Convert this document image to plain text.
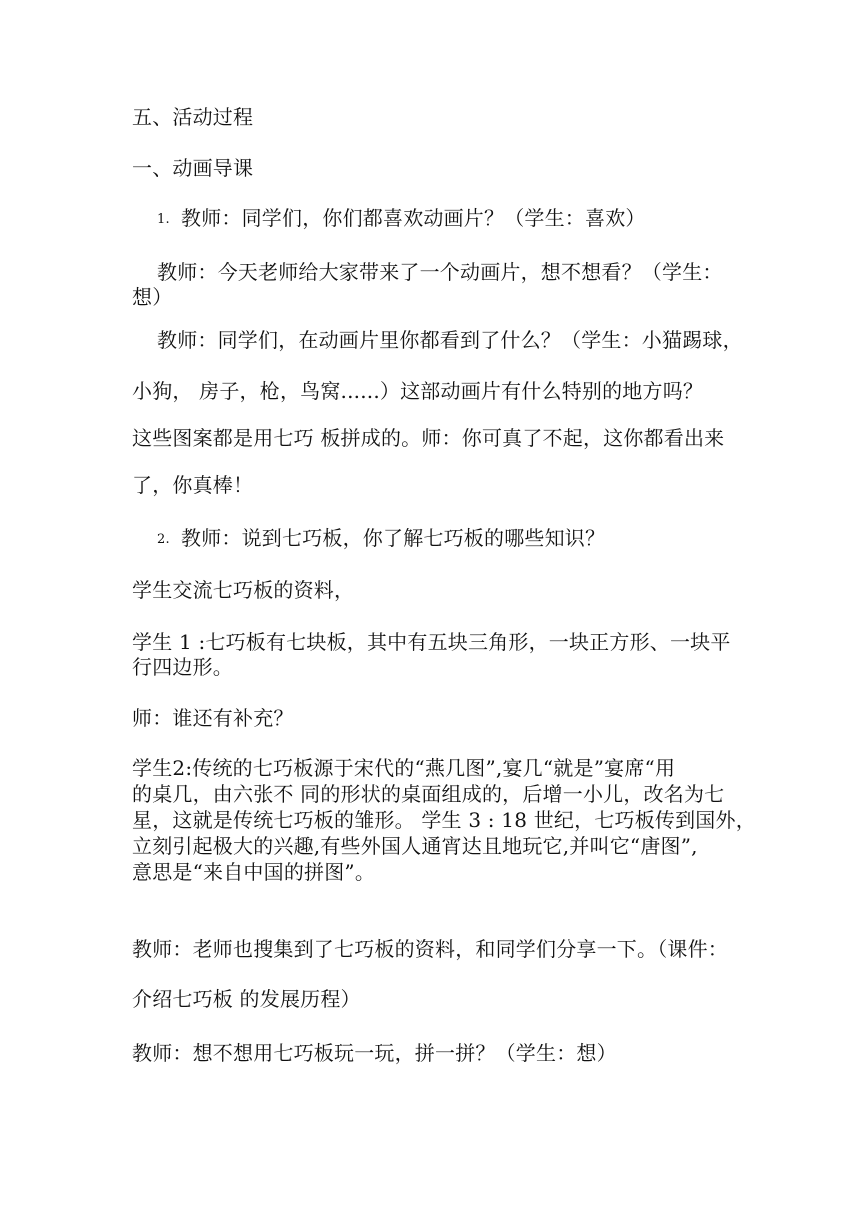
五、活动过程
一、动画导课
1. 教师：同学们，你们都喜欢动画片？（学生：喜欢）
教师：今天老师给大家带来了一个动画片，想不想看？（学生：
想）
教师：同学们，在动画片里你都看到了什么？（学生：小猫踢球，
小狗， 房子，枪，鸟窝......）这部动画片有什么特别的地方吗？
这些图案都是用七巧 板拼成的。师：你可真了不起，这你都看出来
了，你真棒！
2. 教师：说到七巧板，你了解七巧板的哪些知识？
学生交流七巧板的资料，
学生 1 :七巧板有七块板，其中有五块三角形，一块正方形、一块平
行四边形。
师：谁还有补充？
学生2:传统的七巧板源于宋代的“燕几图”,宴几“就是”宴席“用
的桌几，由六张不 同的形状的桌面组成的，后增一小儿，改名为七
星，这就是传统七巧板的雏形。 学生 3 : 18 世纪，七巧板传到国外，
立刻引起极大的兴趣,有些外国人通宵达且地玩它,并叫它“唐图”,
意思是“来自中国的拼图”。
教师：老师也搜集到了七巧板的资料，和同学们分享一下。（课件：
介绍七巧板 的发展历程）
教师：想不想用七巧板玩一玩，拼一拼？（学生：想）
